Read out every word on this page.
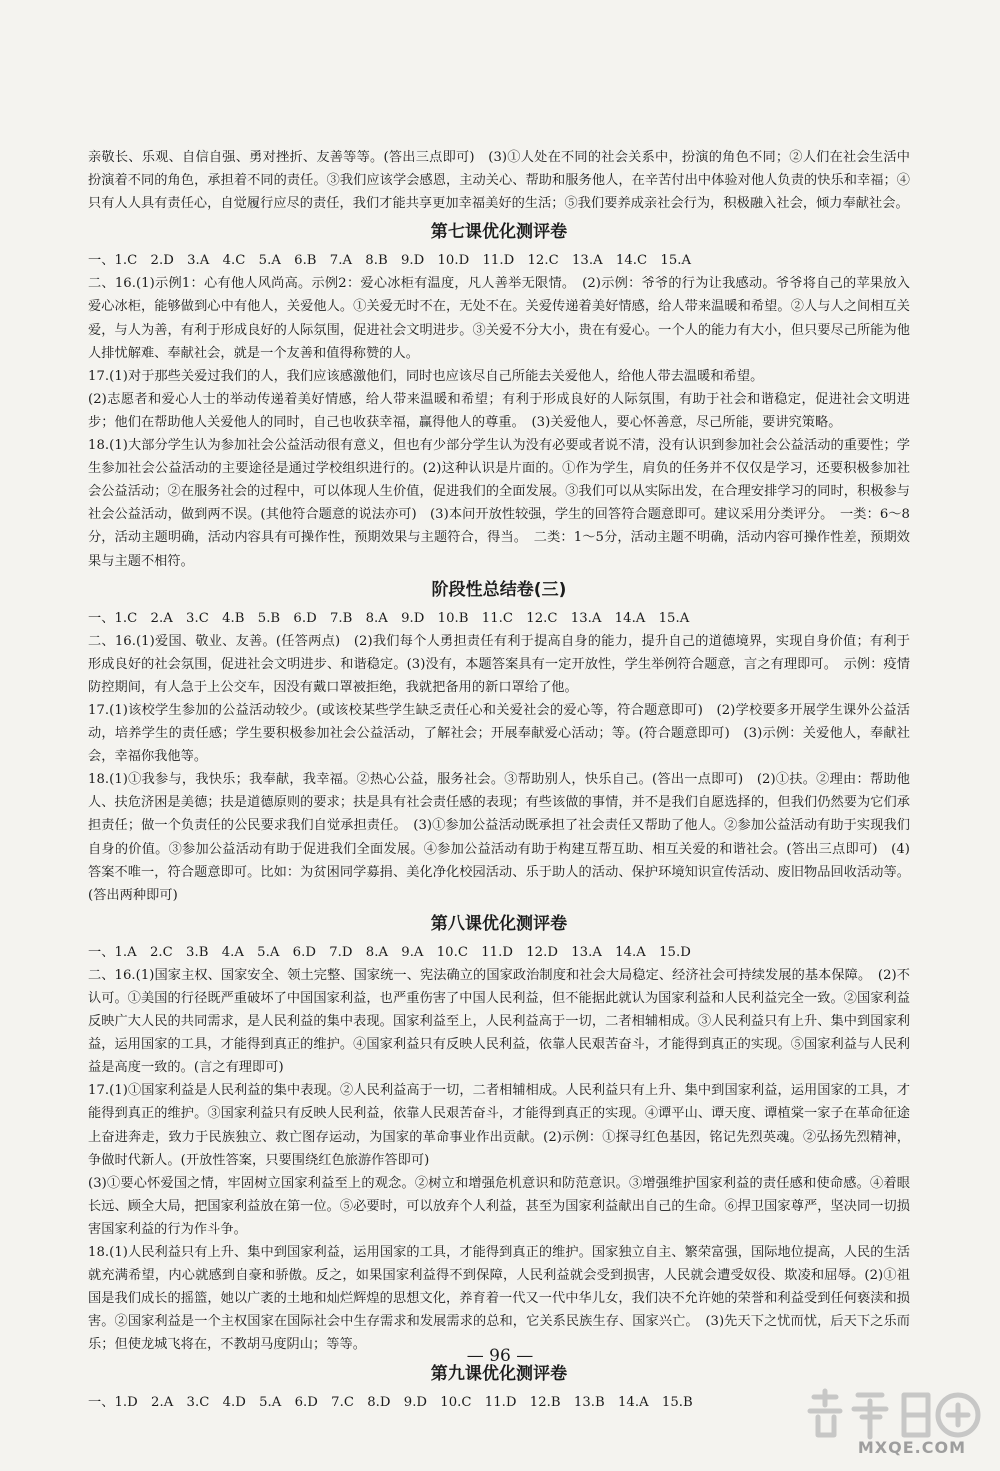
亲敬长、乐观、自信自强、勇对挫折、友善等等。(答出三点即可)　(3)①人处在不同的社会关系中，扮演的角色不同；②人们在社会生活中扮演着不同的角色，承担着不同的责任。③我们应该学会感恩，主动关心、帮助和服务他人，在辛苦付出中体验对他人负责的快乐和幸福；④只有人人具有责任心，自觉履行应尽的责任，我们才能共享更加幸福美好的生活；⑤我们要养成亲社会行为，积极融入社会，倾力奉献社会。

第七课优化测评卷

一、1.C　2.D　3.A　4.C　5.A　6.B　7.A　8.B　9.D　10.D　11.D　12.C　13.A　14.C　15.A

二、16.(1)示例1：心有他人风尚高。示例2：爱心冰柜有温度，凡人善举无限情。　(2)示例：爷爷的行为让我感动。爷爷将自己的苹果放入爱心冰柜，能够做到心中有他人，关爱他人。①关爱无时不在，无处不在。关爱传递着美好情感，给人带来温暖和希望。②人与人之间相互关爱，与人为善，有利于形成良好的人际氛围，促进社会文明进步。③关爱不分大小，贵在有爱心。一个人的能力有大小，但只要尽己所能为他人排忧解难、奉献社会，就是一个友善和值得称赞的人。

17.(1)对于那些关爱过我们的人，我们应该感激他们，同时也应该尽自己所能去关爱他人，给他人带去温暖和希望。

(2)志愿者和爱心人士的举动传递着美好情感，给人带来温暖和希望；有利于形成良好的人际氛围，有助于社会和谐稳定，促进社会文明进步；他们在帮助他人关爱他人的同时，自己也收获幸福，赢得他人的尊重。　(3)关爱他人，要心怀善意，尽己所能，要讲究策略。

18.(1)大部分学生认为参加社会公益活动很有意义，但也有少部分学生认为没有必要或者说不清，没有认识到参加社会公益活动的重要性；学生参加社会公益活动的主要途径是通过学校组织进行的。(2)这种认识是片面的。①作为学生，肩负的任务并不仅仅是学习，还要积极参加社会公益活动；②在服务社会的过程中，可以体现人生价值，促进我们的全面发展。③我们可以从实际出发，在合理安排学习的同时，积极参与社会公益活动，做到两不误。(其他符合题意的说法亦可)　(3)本问开放性较强，学生的回答符合题意即可。建议采用分类评分。　一类：6～8分，活动主题明确，活动内容具有可操作性，预期效果与主题符合，得当。　二类：1～5分，活动主题不明确，活动内容可操作性差，预期效果与主题不相符。

阶段性总结卷(三)

一、1.C　2.A　3.C　4.B　5.B　6.D　7.B　8.A　9.D　10.B　11.C　12.C　13.A　14.A　15.A

二、16.(1)爱国、敬业、友善。(任答两点)　(2)我们每个人勇担责任有利于提高自身的能力，提升自己的道德境界，实现自身价值；有利于形成良好的社会氛围，促进社会文明进步、和谐稳定。(3)没有，本题答案具有一定开放性，学生举例符合题意，言之有理即可。　示例：疫情防控期间，有人急于上公交车，因没有戴口罩被拒绝，我就把备用的新口罩给了他。

17.(1)该校学生参加的公益活动较少。(或该校某些学生缺乏责任心和关爱社会的爱心等，符合题意即可)　(2)学校要多开展学生课外公益活动，培养学生的责任感；学生要积极参加社会公益活动，了解社会；开展奉献爱心活动；等。(符合题意即可)　(3)示例：关爱他人，奉献社会，幸福你我他等。

18.(1)①我参与，我快乐；我奉献，我幸福。②热心公益，服务社会。③帮助别人，快乐自己。(答出一点即可)　(2)①扶。②理由：帮助他人、扶危济困是美德；扶是道德原则的要求；扶是具有社会责任感的表现；有些该做的事情，并不是我们自愿选择的，但我们仍然要为它们承担责任；做一个负责任的公民要求我们自觉承担责任。　(3)①参加公益活动既承担了社会责任又帮助了他人。②参加公益活动有助于实现我们自身的价值。③参加公益活动有助于促进我们全面发展。④参加公益活动有助于构建互帮互助、相互关爱的和谐社会。(答出三点即可)　(4)答案不唯一，符合题意即可。比如：为贫困同学募捐、美化净化校园活动、乐于助人的活动、保护环境知识宣传活动、废旧物品回收活动等。(答出两种即可)

第八课优化测评卷

一、1.A　2.C　3.B　4.A　5.A　6.D　7.D　8.A　9.A　10.C　11.D　12.D　13.A　14.A　15.D

二、16.(1)国家主权、国家安全、领土完整、国家统一、宪法确立的国家政治制度和社会大局稳定、经济社会可持续发展的基本保障。　(2)不认可。①美国的行径既严重破坏了中国国家利益，也严重伤害了中国人民利益，但不能据此就认为国家利益和人民利益完全一致。②国家利益反映广大人民的共同需求，是人民利益的集中表现。国家利益至上，人民利益高于一切，二者相辅相成。③人民利益只有上升、集中到国家利益，运用国家的工具，才能得到真正的维护。④国家利益只有反映人民利益，依靠人民艰苦奋斗，才能得到真正的实现。⑤国家利益与人民利益是高度一致的。(言之有理即可)

17.(1)①国家利益是人民利益的集中表现。②人民利益高于一切，二者相辅相成。人民利益只有上升、集中到国家利益，运用国家的工具，才能得到真正的维护。③国家利益只有反映人民利益，依靠人民艰苦奋斗，才能得到真正的实现。④谭平山、谭天度、谭植棠一家子在革命征途上奋进奔走，致力于民族独立、救亡图存运动，为国家的革命事业作出贡献。(2)示例：①探寻红色基因，铭记先烈英魂。②弘扬先烈精神，争做时代新人。(开放性答案，只要围绕红色旅游作答即可)

(3)①要心怀爱国之情，牢固树立国家利益至上的观念。②树立和增强危机意识和防范意识。③增强维护国家利益的责任感和使命感。④着眼长远、顾全大局，把国家利益放在第一位。⑤必要时，可以放弃个人利益，甚至为国家利益献出自己的生命。⑥捍卫国家尊严，坚决同一切损害国家利益的行为作斗争。

18.(1)人民利益只有上升、集中到国家利益，运用国家的工具，才能得到真正的维护。国家独立自主、繁荣富强，国际地位提高，人民的生活就充满希望，内心就感到自豪和骄傲。反之，如果国家利益得不到保障，人民利益就会受到损害，人民就会遭受奴役、欺凌和屈辱。(2)①祖国是我们成长的摇篮，她以广袤的土地和灿烂辉煌的思想文化，养育着一代又一代中华儿女，我们决不允许她的荣誉和利益受到任何亵渎和损害。②国家利益是一个主权国家在国际社会中生存需求和发展需求的总和，它关系民族生存、国家兴亡。　(3)先天下之忧而忧，后天下之乐而乐；但使龙城飞将在，不教胡马度阴山；等等。

第九课优化测评卷

一、1.D　2.A　3.C　4.D　5.A　6.D　7.C　8.D　9.D　10.C　11.D　12.B　13.B　14.A　15.B

— 96 —
MXQE.COM
